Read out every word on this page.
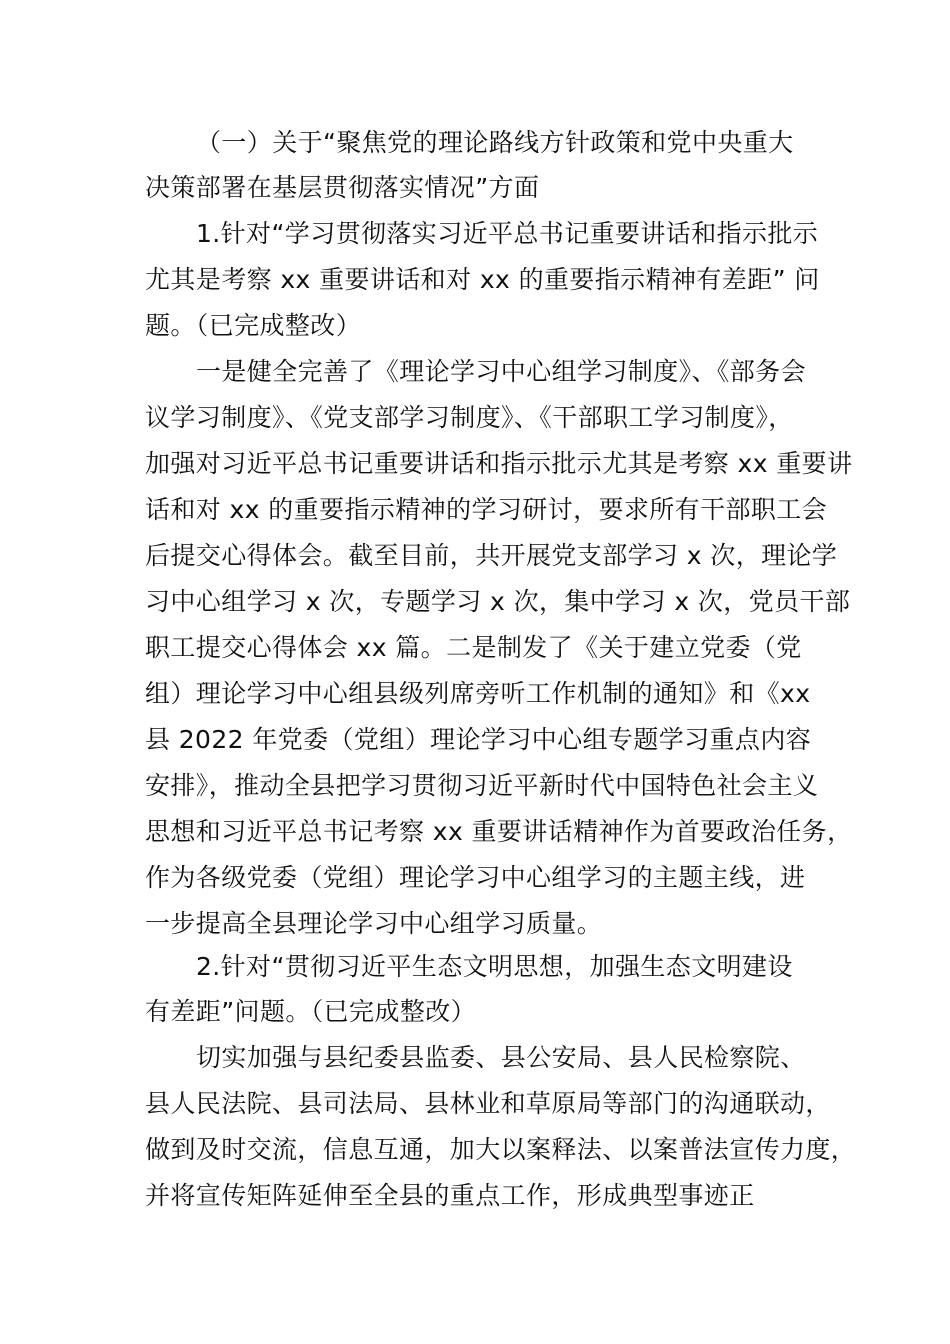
（一）关于“聚焦党的理论路线方针政策和党中央重大

决策部署在基层贯彻落实情况”方面

1.针对“学习贯彻落实习近平总书记重要讲话和指示批示

尤其是考察 xx 重要讲话和对 xx 的重要指示精神有差距” 问

题。（已完成整改）

一是健全完善了《理论学习中心组学习制度》、《部务会

议学习制度》、《党支部学习制度》、《干部职工学习制度》，

加强对习近平总书记重要讲话和指示批示尤其是考察 xx 重要讲

话和对 xx 的重要指示精神的学习研讨，要求所有干部职工会

后提交心得体会。截至目前，共开展党支部学习 x 次，理论学

习中心组学习 x 次，专题学习 x 次，集中学习 x 次，党员干部

职工提交心得体会 xx 篇。二是制发了《关于建立党委（党

组）理论学习中心组县级列席旁听工作机制的通知》和《xx

县 2022 年党委（党组）理论学习中心组专题学习重点内容

安排》，推动全县把学习贯彻习近平新时代中国特色社会主义

思想和习近平总书记考察 xx 重要讲话精神作为首要政治任务，

作为各级党委（党组）理论学习中心组学习的主题主线，进

一步提高全县理论学习中心组学习质量。

2.针对“贯彻习近平生态文明思想，加强生态文明建设

有差距”问题。（已完成整改）

切实加强与县纪委县监委、县公安局、县人民检察院、

县人民法院、县司法局、县林业和草原局等部门的沟通联动，

做到及时交流，信息互通，加大以案释法、以案普法宣传力度，

并将宣传矩阵延伸至全县的重点工作，形成典型事迹正
